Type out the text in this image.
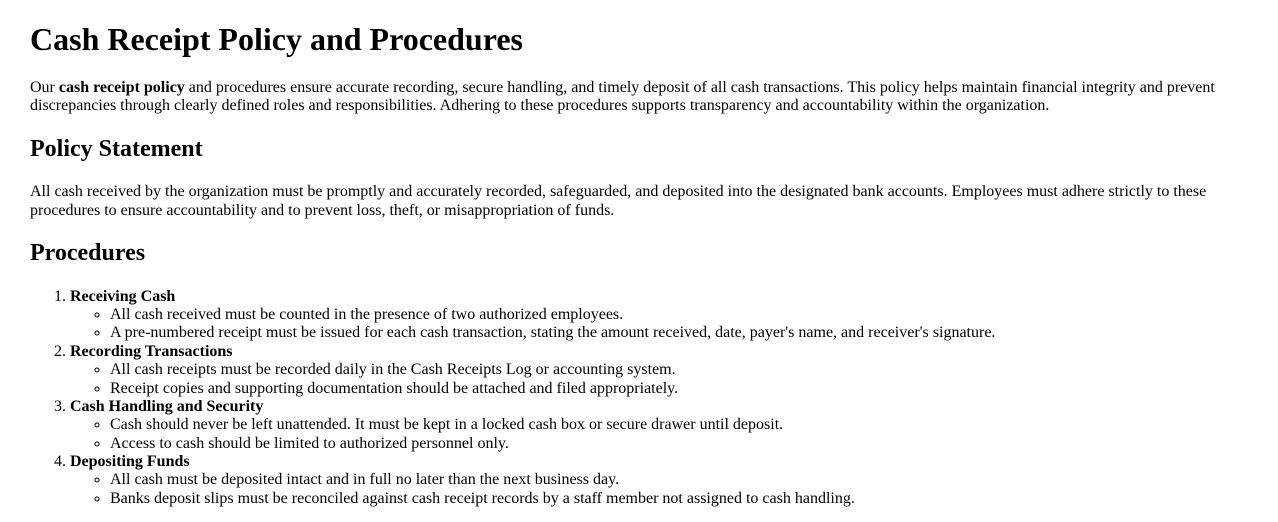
Cash Receipt Policy and Procedures

Our cash receipt policy and procedures ensure accurate recording, secure handling, and timely deposit of all cash transactions. This policy helps maintain financial integrity and prevent discrepancies through clearly defined roles and responsibilities. Adhering to these procedures supports transparency and accountability within the organization.

Policy Statement

All cash received by the organization must be promptly and accurately recorded, safeguarded, and deposited into the designated bank accounts. Employees must adhere strictly to these procedures to ensure accountability and to prevent loss, theft, or misappropriation of funds.

Procedures
1. Receiving Cash
◦ All cash received must be counted in the presence of two authorized employees.
◦ A pre-numbered receipt must be issued for each cash transaction, stating the amount received, date, payer's name, and receiver's signature.
2. Recording Transactions
◦ All cash receipts must be recorded daily in the Cash Receipts Log or accounting system.
◦ Receipt copies and supporting documentation should be attached and filed appropriately.
3. Cash Handling and Security
◦ Cash should never be left unattended. It must be kept in a locked cash box or secure drawer until deposit.
◦ Access to cash should be limited to authorized personnel only.
4. Depositing Funds
◦ All cash must be deposited intact and in full no later than the next business day.
◦ Banks deposit slips must be reconciled against cash receipt records by a staff member not assigned to cash handling.
